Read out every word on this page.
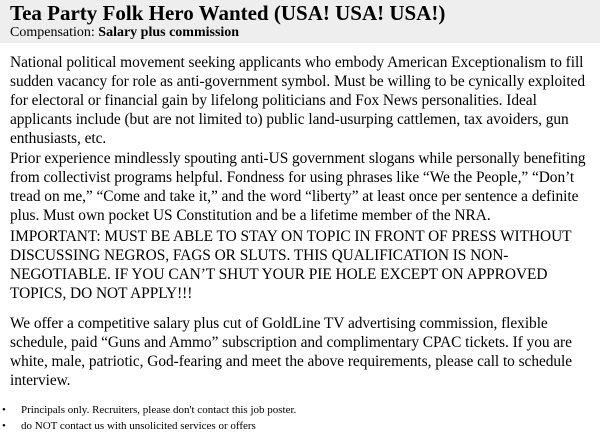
Tea Party Folk Hero Wanted (USA! USA! USA!)
Compensation: Salary plus commission

National political movement seeking applicants who embody American Exceptionalism to fill sudden vacancy for role as anti-government symbol. Must be willing to be cynically exploited for electoral or financial gain by lifelong politicians and Fox News personalities. Ideal applicants include (but are not limited to) public land-usurping cattlemen, tax avoiders, gun enthusiasts, etc.

Prior experience mindlessly spouting anti-US government slogans while personally benefiting from collectivist programs helpful. Fondness for using phrases like “We the People,” “Don’t tread on me,” “Come and take it,” and the word “liberty” at least once per sentence a definite plus. Must own pocket US Constitution and be a lifetime member of the NRA.

IMPORTANT: MUST BE ABLE TO STAY ON TOPIC IN FRONT OF PRESS WITHOUT DISCUSSING NEGROS, FAGS OR SLUTS. THIS QUALIFICATION IS NON-NEGOTIABLE. IF YOU CAN’T SHUT YOUR PIE HOLE EXCEPT ON APPROVED TOPICS, DO NOT APPLY!!!

We offer a competitive salary plus cut of GoldLine TV advertising commission, flexible schedule, paid “Guns and Ammo” subscription and complimentary CPAC tickets. If you are white, male, patriotic, God-fearing and meet the above requirements, please call to schedule interview.

• Principals only. Recruiters, please don't contact this job poster.
• do NOT contact us with unsolicited services or offers
